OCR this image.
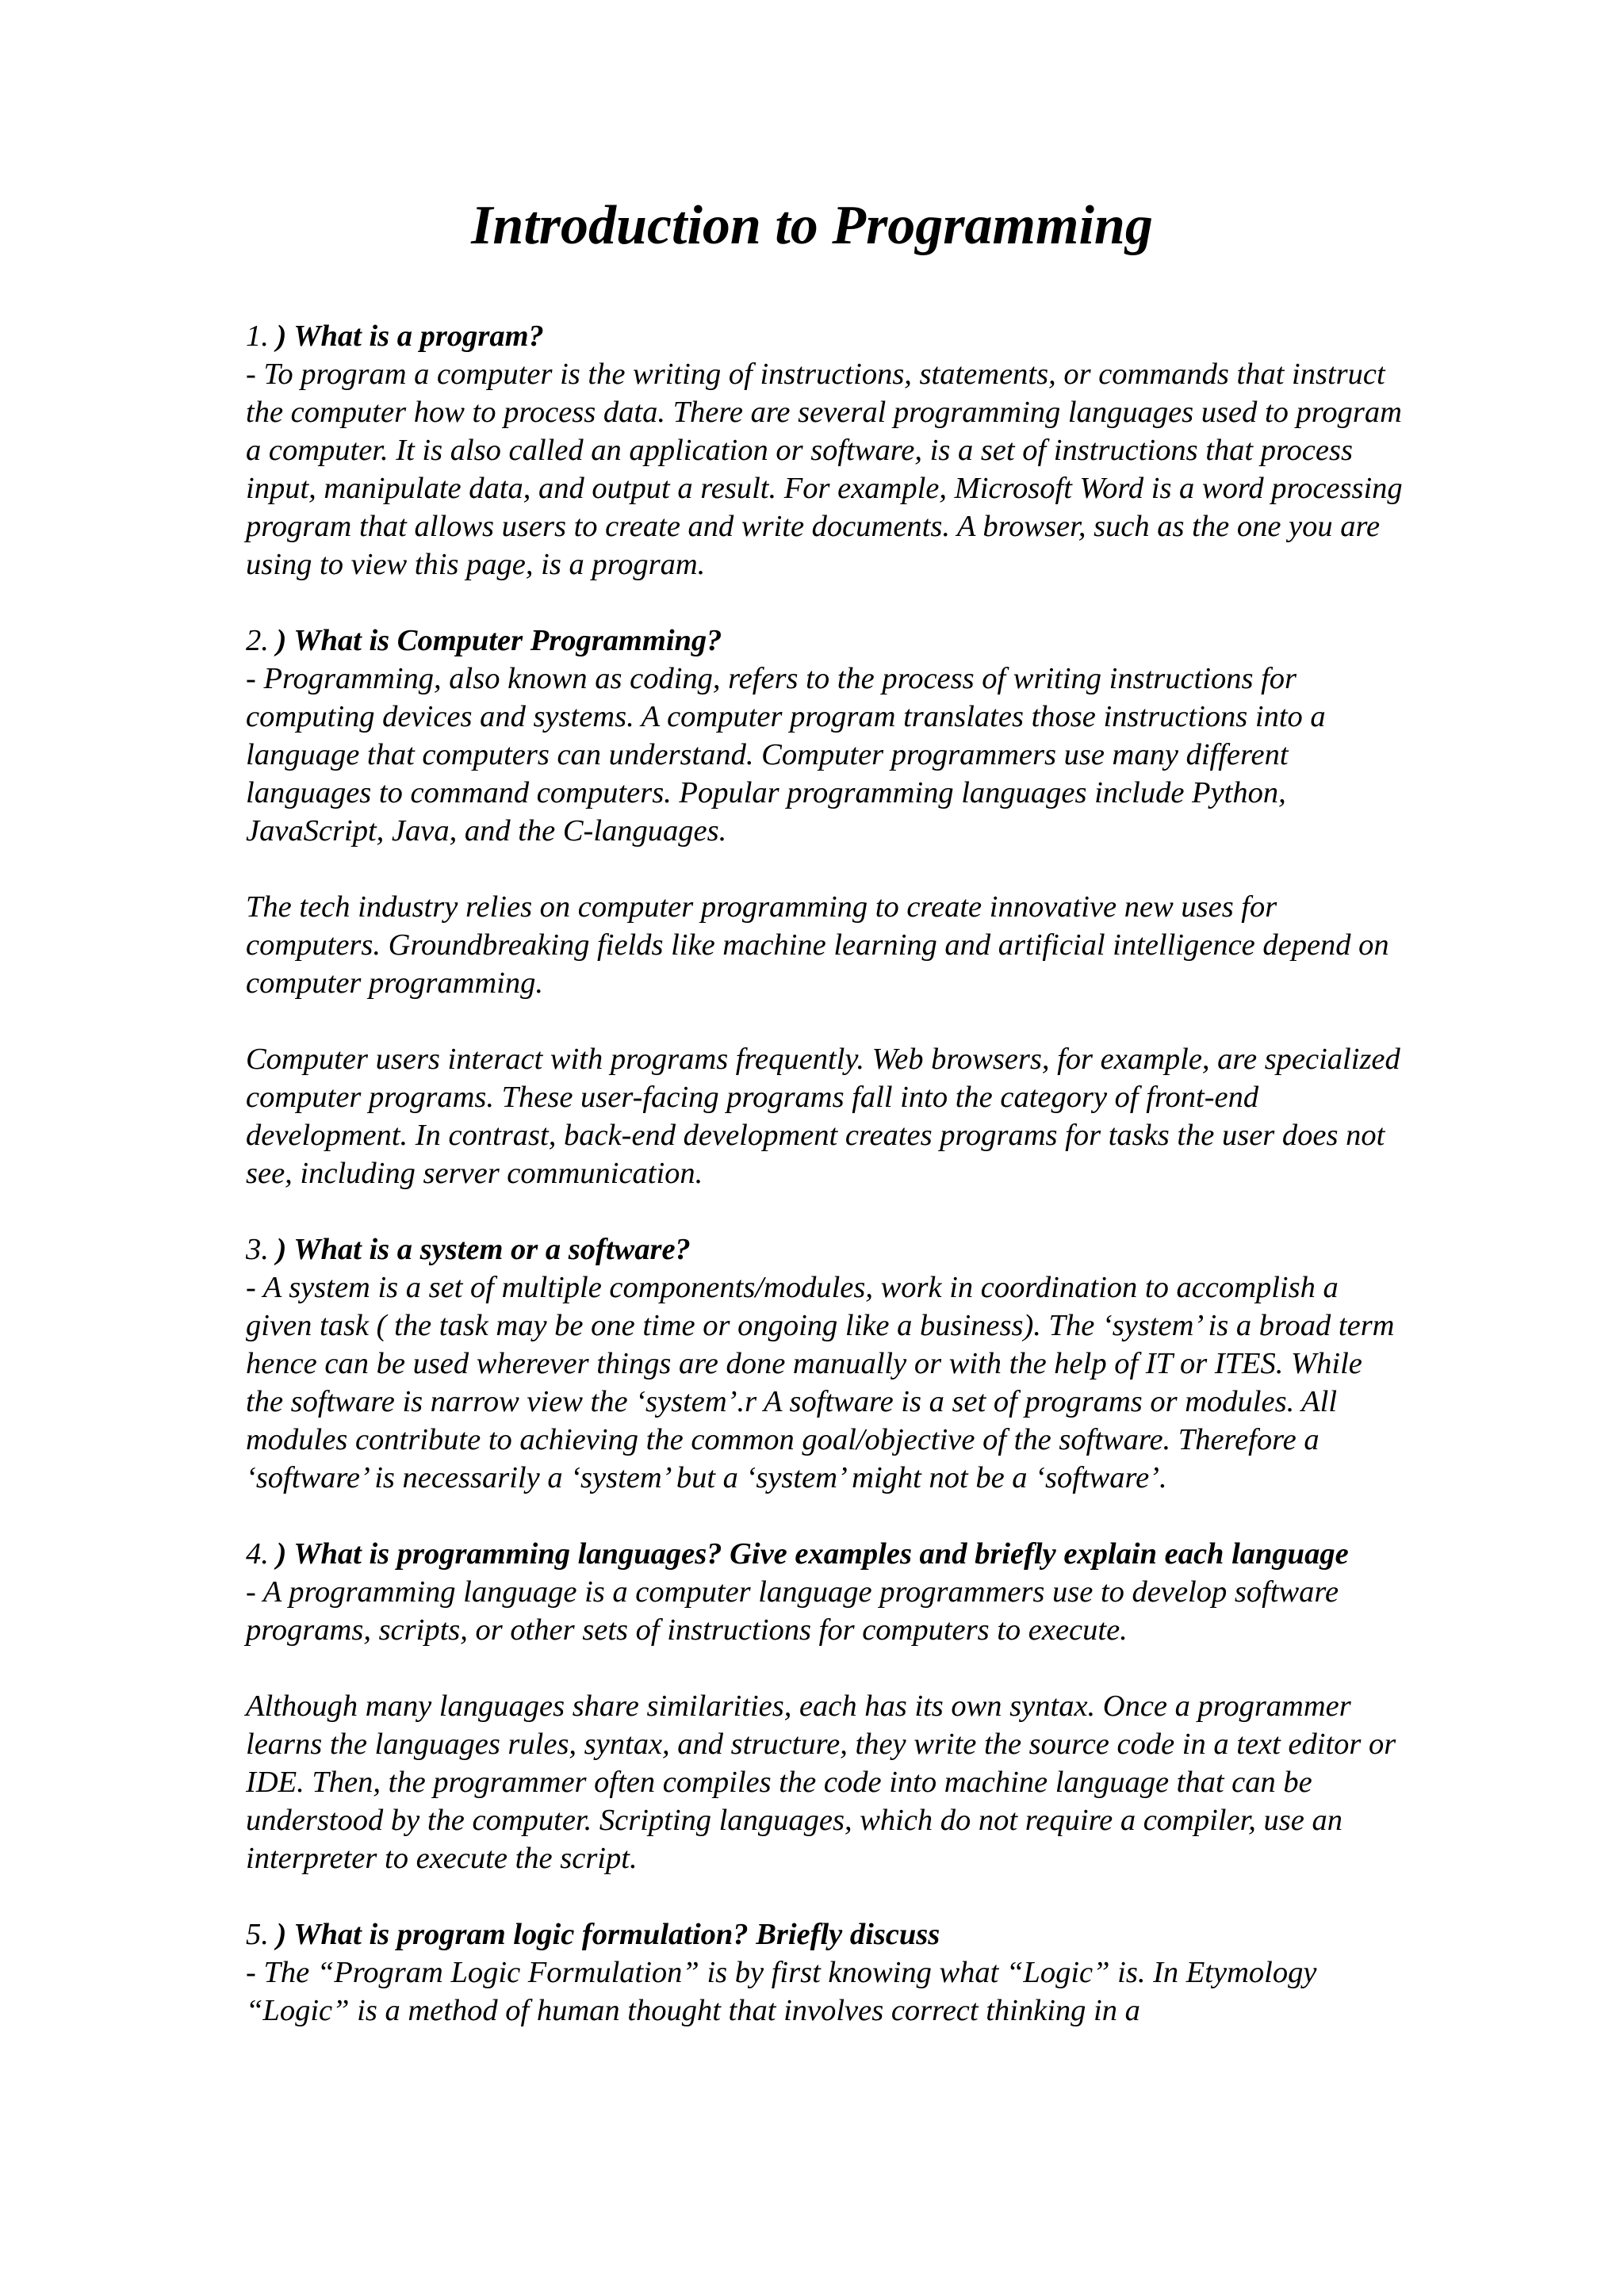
Introduction to Programming

1. ) What is a program?

- To program a computer is the writing of instructions, statements, or commands that instruct the computer how to process data. There are several programming languages used to program a computer. It is also called an application or software, is a set of instructions that process input, manipulate data, and output a result. For example, Microsoft Word is a word processing program that allows users to create and write documents. A browser, such as the one you are using to view this page, is a program.

2. ) What is Computer Programming?

- Programming, also known as coding, refers to the process of writing instructions for computing devices and systems. A computer program translates those instructions into a language that computers can understand. Computer programmers use many different languages to command computers. Popular programming languages include Python, JavaScript, Java, and the C-languages.

The tech industry relies on computer programming to create innovative new uses for computers. Groundbreaking fields like machine learning and artificial intelligence depend on computer programming.

Computer users interact with programs frequently. Web browsers, for example, are specialized computer programs. These user-facing programs fall into the category of front-end development. In contrast, back-end development creates programs for tasks the user does not see, including server communication.

3. ) What is a system or a software?

- A system is a set of multiple components/modules, work in coordination to accomplish a given task ( the task may be one time or ongoing like a business). The ‘system’ is a broad term hence can be used wherever things are done manually or with the help of IT or ITES. While the software is narrow view the ‘system’.r A software is a set of programs or modules. All modules contribute to achieving the common goal/objective of the software. Therefore a ‘software’ is necessarily a ‘system’ but a ‘system’ might not be a ‘software’.

4. ) What is programming languages? Give examples and briefly explain each language

- A programming language is a computer language programmers use to develop software programs, scripts, or other sets of instructions for computers to execute.

Although many languages share similarities, each has its own syntax. Once a programmer learns the languages rules, syntax, and structure, they write the source code in a text editor or IDE. Then, the programmer often compiles the code into machine language that can be understood by the computer. Scripting languages, which do not require a compiler, use an interpreter to execute the script.

5. ) What is program logic formulation? Briefly discuss

- The “Program Logic Formulation” is by first knowing what “Logic” is. In Etymology “Logic” is a method of human thought that involves correct thinking in a
